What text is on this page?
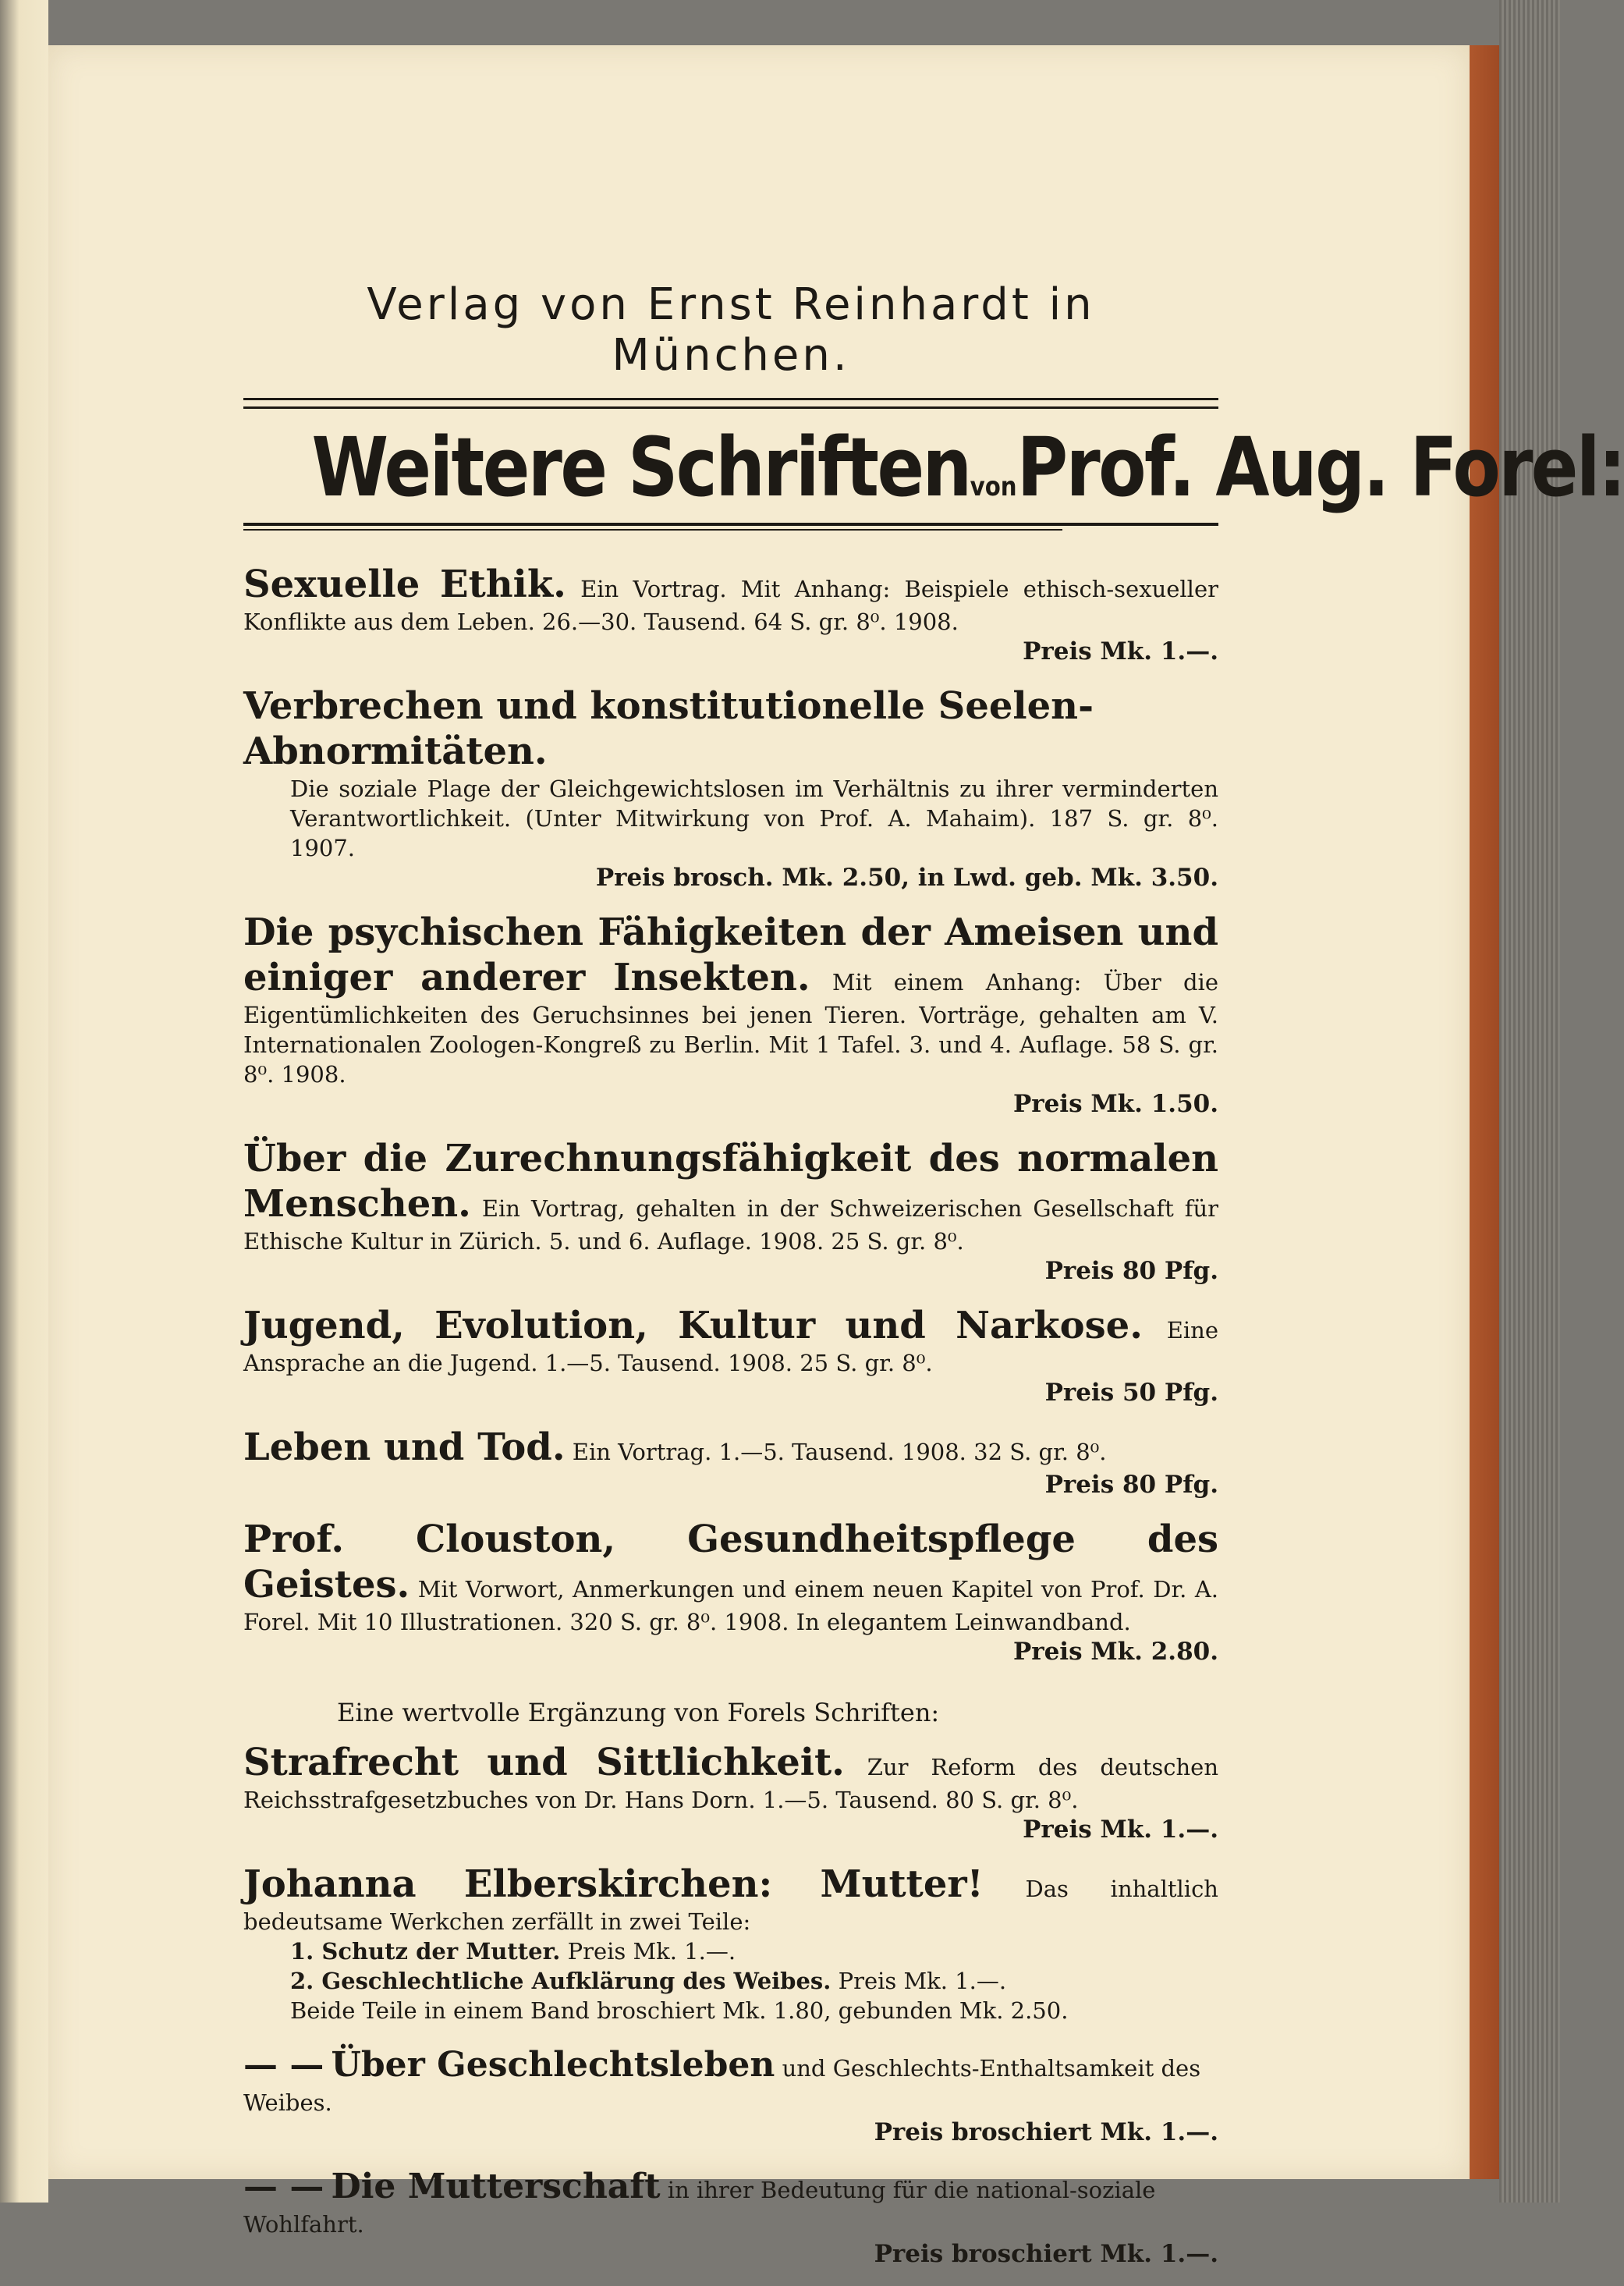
Verlag von Ernst Reinhardt in München.
Weitere SchriftenvonProf. Aug. Forel:
Sexuelle Ethik. Ein Vortrag. Mit Anhang: Beispiele ethisch-sexueller Konflikte aus dem Leben. 26.—30. Tausend. 64 S. gr. 8⁰. 1908.
Preis Mk. 1.—.
Verbrechen und konstitutionelle Seelen-Abnormitäten.
Die soziale Plage der Gleichgewichtslosen im Verhältnis zu ihrer verminderten Verantwortlichkeit. (Unter Mitwirkung von Prof. A. Mahaim). 187 S. gr. 8⁰. 1907.
Preis brosch. Mk. 2.50, in Lwd. geb. Mk. 3.50.
Die psychischen Fähigkeiten der Ameisen und einiger anderer Insekten. Mit einem Anhang: Über die Eigentümlichkeiten des Geruchsinnes bei jenen Tieren. Vorträge, gehalten am V. Internationalen Zoologen-Kongreß zu Berlin. Mit 1 Tafel. 3. und 4. Auflage. 58 S. gr. 8⁰. 1908.
Preis Mk. 1.50.
Über die Zurechnungsfähigkeit des normalen Menschen. Ein Vortrag, gehalten in der Schweizerischen Gesellschaft für Ethische Kultur in Zürich. 5. und 6. Auflage. 1908. 25 S. gr. 8⁰.
Preis 80 Pfg.
Jugend, Evolution, Kultur und Narkose. Eine Ansprache an die Jugend. 1.—5. Tausend. 1908. 25 S. gr. 8⁰.
Preis 50 Pfg.
Leben und Tod. Ein Vortrag. 1.—5. Tausend. 1908. 32 S. gr. 8⁰.
Preis 80 Pfg.
Prof. Clouston, Gesundheitspflege des Geistes. Mit Vorwort, Anmerkungen und einem neuen Kapitel von Prof. Dr. A. Forel. Mit 10 Illustrationen. 320 S. gr. 8⁰. 1908. In elegantem Leinwandband.
Preis Mk. 2.80.
Eine wertvolle Ergänzung von Forels Schriften:
Strafrecht und Sittlichkeit. Zur Reform des deutschen Reichsstrafgesetzbuches von Dr. Hans Dorn. 1.—5. Tausend. 80 S. gr. 8⁰.
Preis Mk. 1.—.
Johanna Elberskirchen: Mutter! Das inhaltlich bedeutsame Werkchen zerfällt in zwei Teile:
1. Schutz der Mutter. Preis Mk. 1.—.
2. Geschlechtliche Aufklärung des Weibes. Preis Mk. 1.—.
Beide Teile in einem Band broschiert Mk. 1.80, gebunden Mk. 2.50.
— — Über Geschlechtsleben und Geschlechts-Enthaltsamkeit des Weibes.
Preis broschiert Mk. 1.—.
— — Die Mutterschaft in ihrer Bedeutung für die national-soziale Wohlfahrt.
Preis broschiert Mk. 1.—.
